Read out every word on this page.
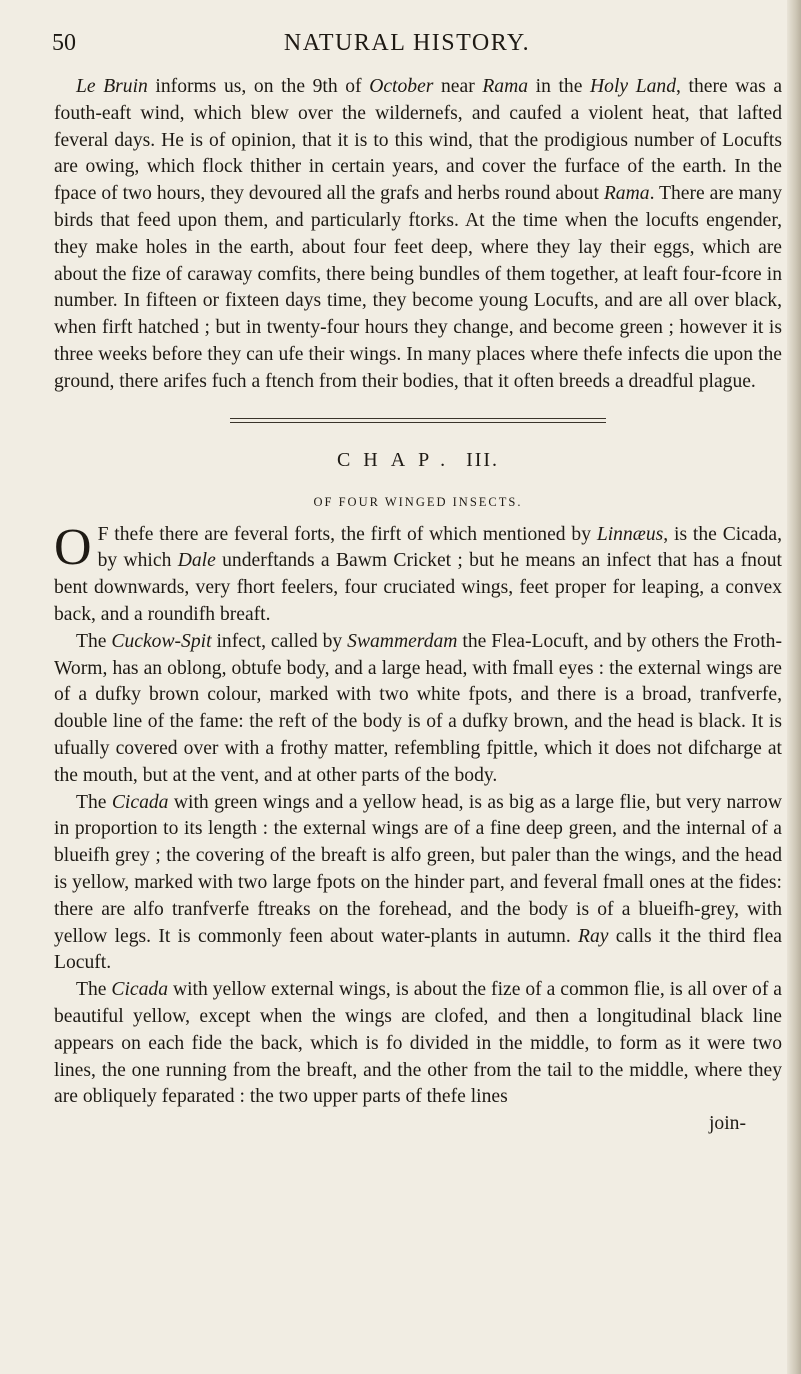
50	NATURAL HISTORY.

Le Bruin informs us, on the 9th of October near Rama in the Holy Land, there was a fouth-eaft wind, which blew over the wildernefs, and caufed a violent heat, that lafted feveral days. He is of opinion, that it is to this wind, that the prodigious number of Locufts are owing, which flock thither in certain years, and cover the furface of the earth. In the fpace of two hours, they devoured all the grafs and herbs round about Rama. There are many birds that feed upon them, and particularly ftorks. At the time when the locufts engender, they make holes in the earth, about four feet deep, where they lay their eggs, which are about the fize of caraway comfits, there being bundles of them together, at leaft four-fcore in number. In fifteen or fixteen days time, they become young Locufts, and are all over black, when firft hatched ; but in twenty-four hours they change, and become green ; however it is three weeks before they can ufe their wings. In many places where thefe infects die upon the ground, there arifes fuch a ftench from their bodies, that it often breeds a dreadful plague.

CHAP. III.
OF FOUR WINGED INSECTS.

O F thefe there are feveral forts, the firft of which mentioned by Linnæus, is the Cicada, by which Dale underftands a Bawm Cricket ; but he means an infect that has a fnout bent downwards, very fhort feelers, four cruciated wings, feet proper for leaping, a convex back, and a roundifh breaft.

The Cuckow-Spit infect, called by Swammerdam the Flea-Locuft, and by others the Froth-Worm, has an oblong, obtufe body, and a large head, with fmall eyes : the external wings are of a dufky brown colour, marked with two white fpots, and there is a broad, tranfverfe, double line of the fame: the reft of the body is of a dufky brown, and the head is black. It is ufually covered over with a frothy matter, refembling fpittle, which it does not difcharge at the mouth, but at the vent, and at other parts of the body.

The Cicada with green wings and a yellow head, is as big as a large flie, but very narrow in proportion to its length : the external wings are of a fine deep green, and the internal of a blueifh grey ; the covering of the breaft is alfo green, but paler than the wings, and the head is yellow, marked with two large fpots on the hinder part, and feveral fmall ones at the fides: there are alfo tranfverfe ftreaks on the forehead, and the body is of a blueifh-grey, with yellow legs. It is commonly feen about water-plants in autumn. Ray calls it the third flea Locuft.

The Cicada with yellow external wings, is about the fize of a common flie, is all over of a beautiful yellow, except when the wings are clofed, and then a longitudinal black line appears on each fide the back, which is fo divided in the middle, to form as it were two lines, the one running from the breaft, and the other from the tail to the middle, where they are obliquely feparated : the two upper parts of thefe lines

join-
